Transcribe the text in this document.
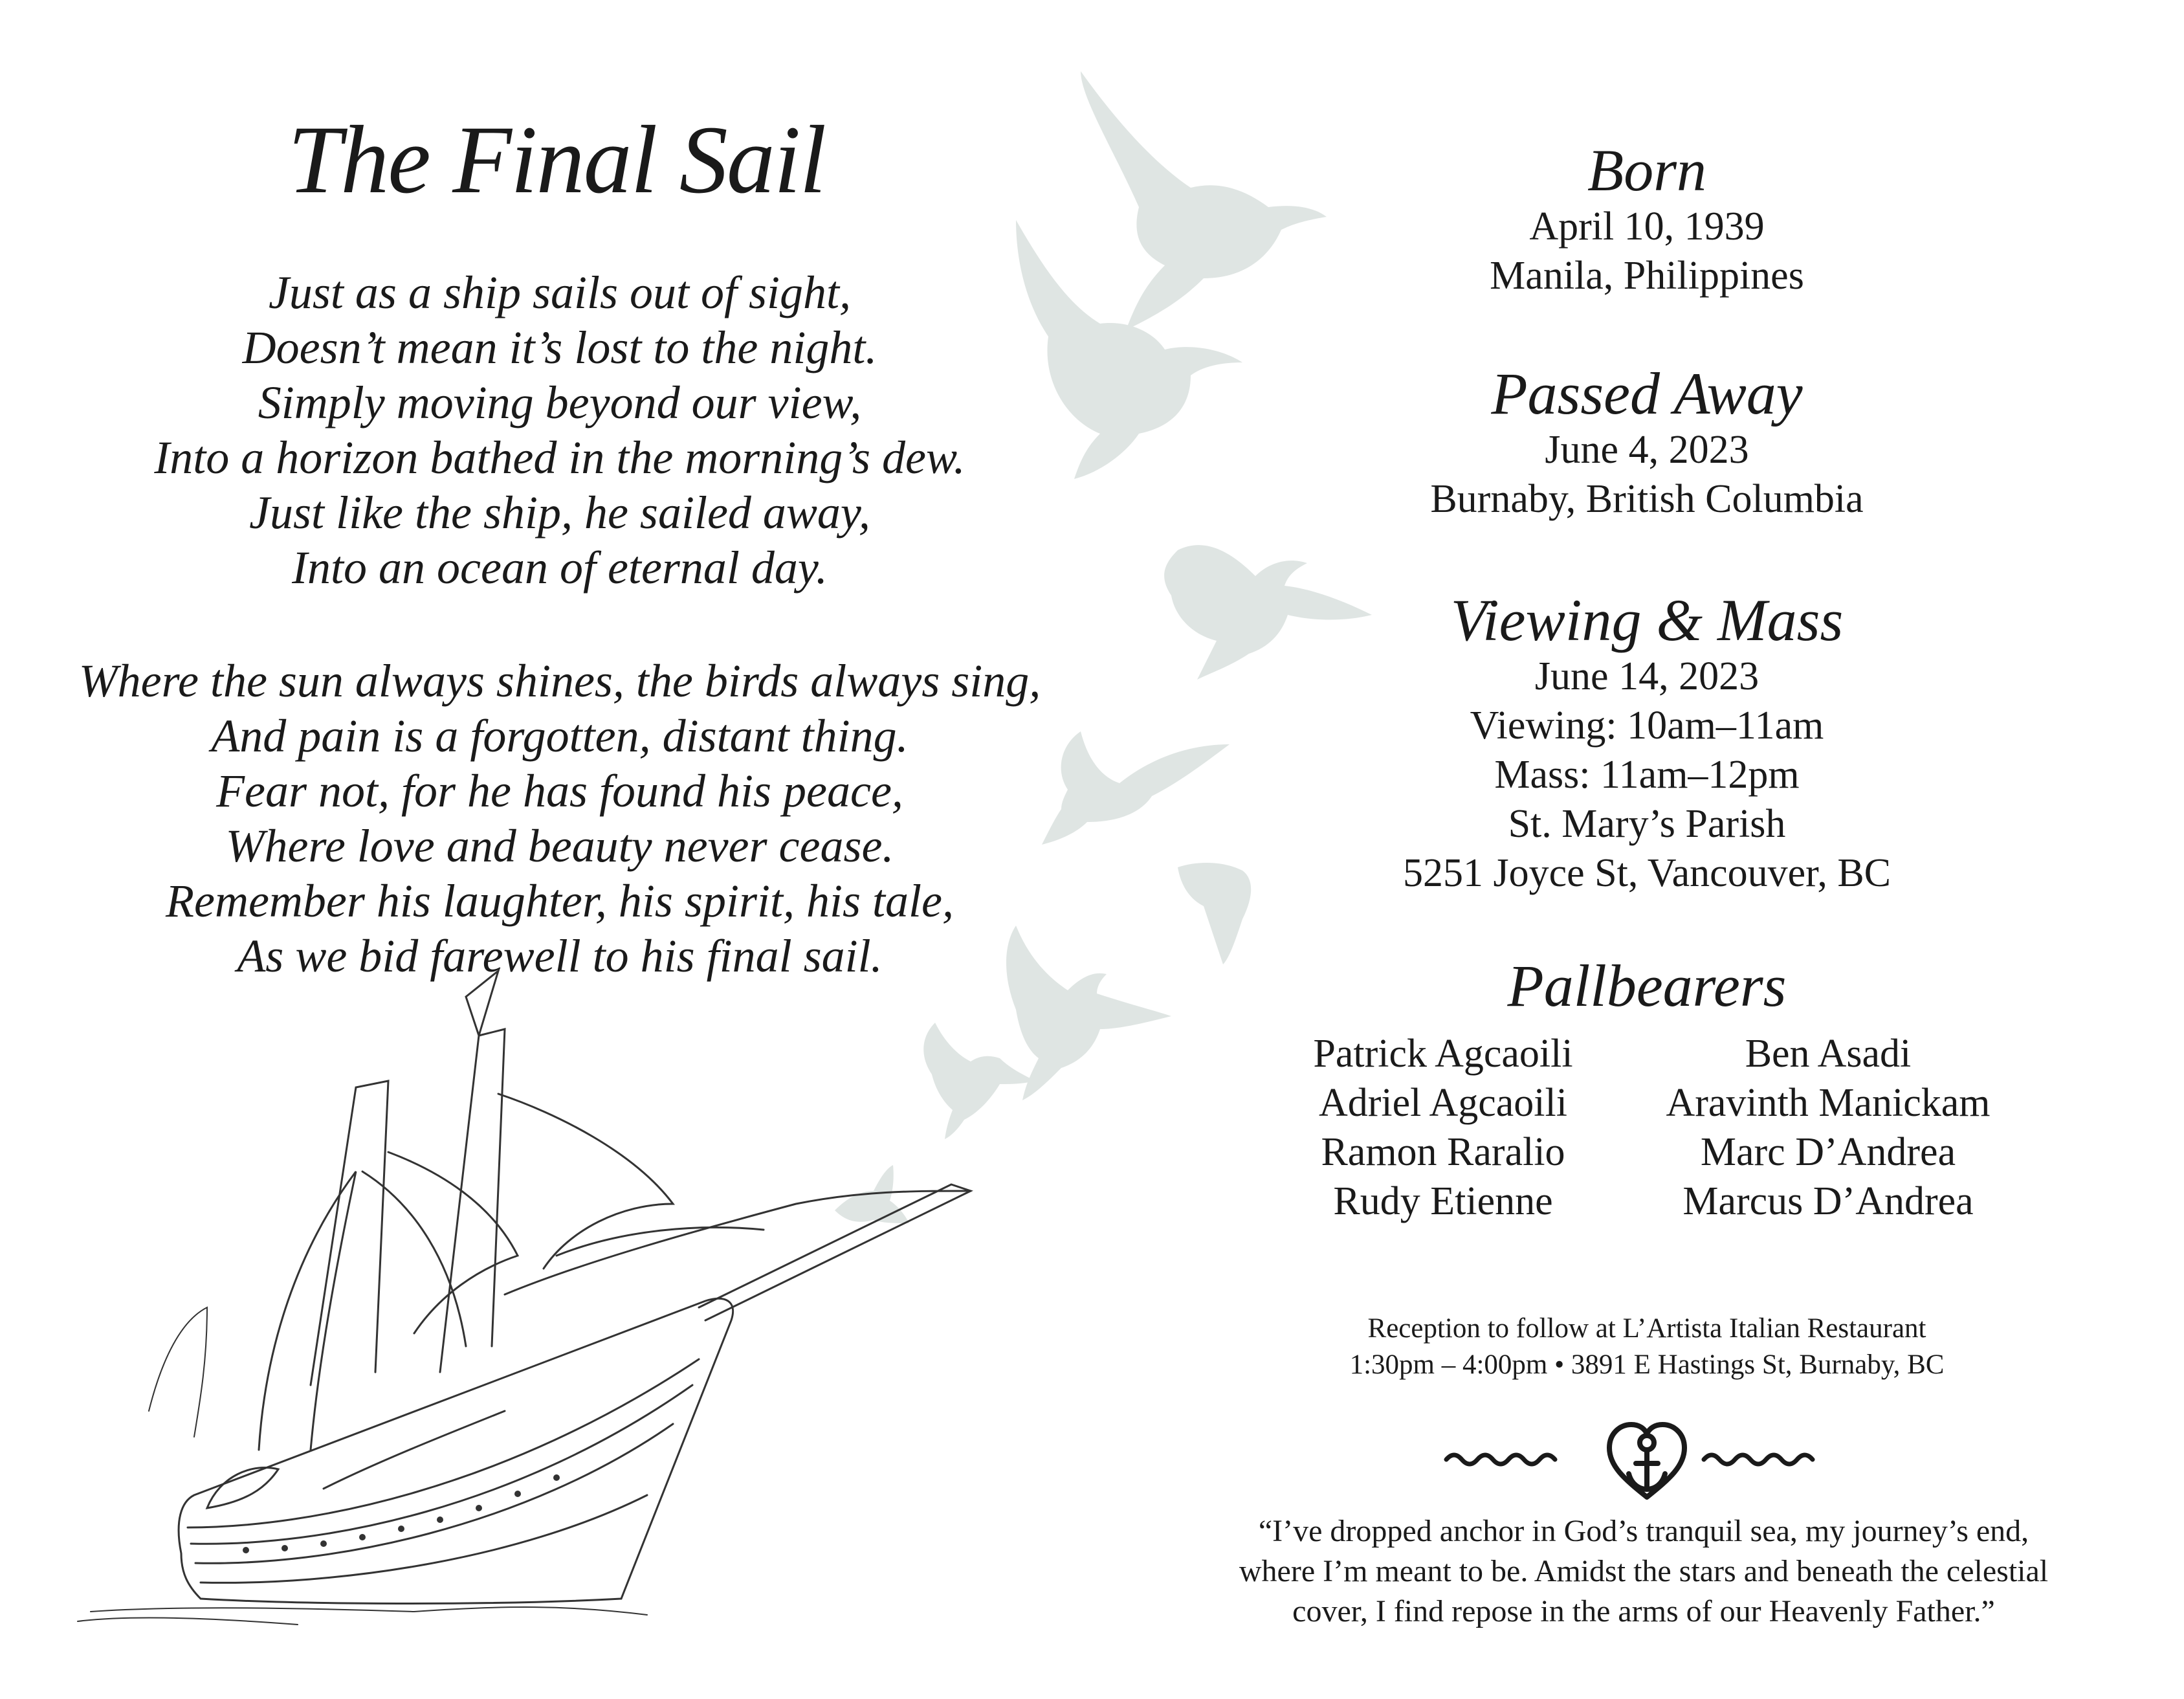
The Final Sail
Just as a ship sails out of sight,
Doesn’t mean it’s lost to the night.
Simply moving beyond our view,
Into a horizon bathed in the morning’s dew.
Just like the ship, he sailed away,
Into an ocean of eternal day.
Where the sun always shines, the birds always sing,
And pain is a forgotten, distant thing.
Fear not, for he has found his peace,
Where love and beauty never cease.
Remember his laughter, his spirit, his tale,
As we bid farewell to his final sail.
Born
April 10, 1939
Manila, Philippines
Passed Away
June 4, 2023
Burnaby, British Columbia
Viewing & Mass
June 14, 2023
Viewing: 10am–11am
Mass: 11am–12pm
St. Mary’s Parish
5251 Joyce St, Vancouver, BC
Pallbearers
Patrick Agcaoili
Adriel Agcaoili
Ramon Raralio
Rudy Etienne
Ben Asadi
Aravinth Manickam
Marc D’Andrea
Marcus D’Andrea
Reception to follow at L’Artista Italian Restaurant
1:30pm – 4:00pm • 3891 E Hastings St, Burnaby, BC
“I’ve dropped anchor in God’s tranquil sea, my journey’s end,
where I’m meant to be. Amidst the stars and beneath the celestial
cover, I find repose in the arms of our Heavenly Father.”
